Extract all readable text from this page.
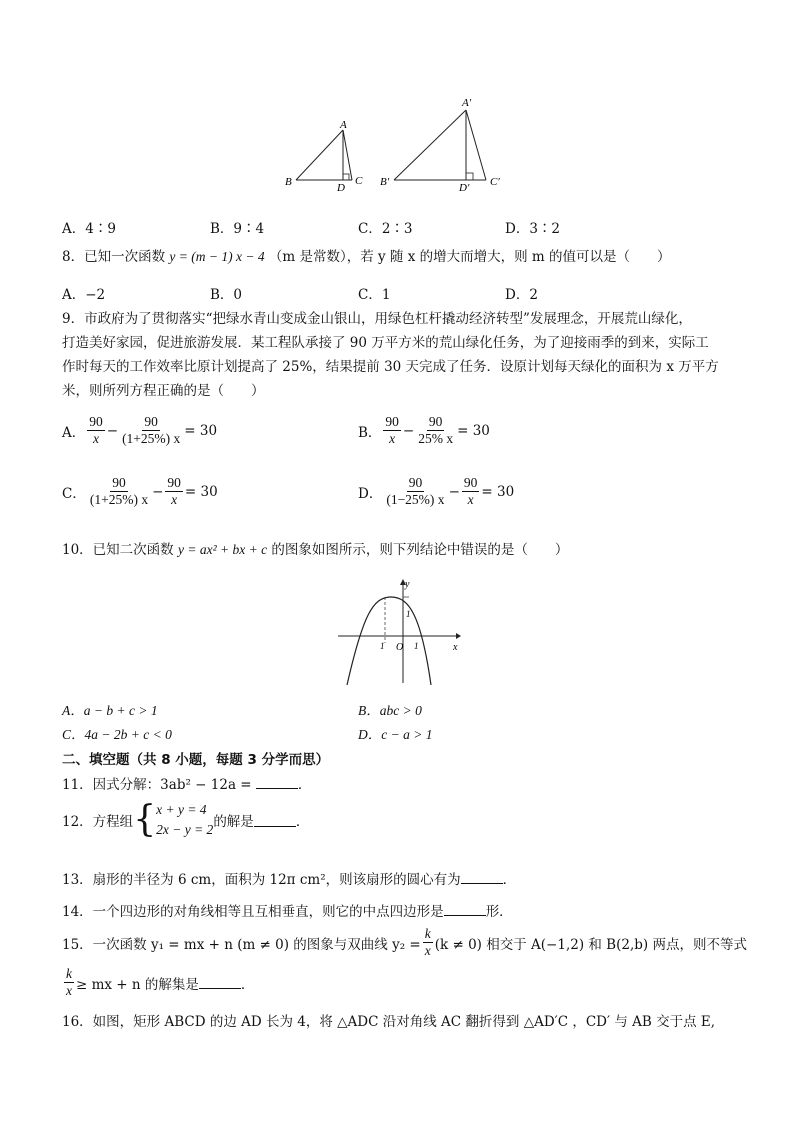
A
B	C
D
A′
B′	C′
D′
A．4∶9	B．9∶4	C．2∶3	D．3∶2
8．已知一次函数 y = (m − 1) x − 4 （m 是常数），若 y 随 x 的增大而增大，则 m 的值可以是（　　）
A．−2	B．0	C．1	D．2
9．市政府为了贯彻落实“把绿水青山变成金山银山，用绿色杠杆撬动经济转型”发展理念，开展荒山绿化，
打造美好家园，促进旅游发展．某工程队承接了 90 万平方米的荒山绿化任务，为了迎接雨季的到来，实际工
作时每天的工作效率比原计划提高了 25%，结果提前 30 天完成了任务．设原计划每天绿化的面积为 x 万平方
米，则所列方程正确的是（　　）
A． $\frac{90}{x} - \frac{90}{(1+25\%) x} = 30$	B． $\frac{90}{x} - \frac{90}{25\% x} = 30$
C． $\frac{90}{(1+25\%) x} - \frac{90}{x} = 30$	D． $\frac{90}{(1-25\%) x} - \frac{90}{x} = 30$
10．已知二次函数 y = ax² + bx + c 的图象如图所示，则下列结论中错误的是（　　）
y
x
O
1	1
1
A．a − b + c > 1	B．abc > 0
C．4a − 2b + c < 0	D．c − a > 1
二、填空题（共 8 小题，每题 3 分学而思）
11．因式分解：3ab² − 12a =	．
12．方程组 { x + y = 4
2x − y = 2 的解是	．
13．扇形的半径为 6 cm，面积为 12π cm²，则该扇形的圆心有为	．
14．一个四边形的对角线相等且互相垂直，则它的中点四边形是	形．
15．一次函数 y₁ = mx + n (m ≠ 0) 的图象与双曲线 $y_2 = \frac{k}{x} (k \ne 0)$ 相交于 A(−1,2) 和 B(2,b) 两点，则不等式
$\frac{k}{x}$ ≥ mx + n 的解集是	．
16．如图，矩形 ABCD 的边 AD 长为 4，将 △ADC 沿对角线 AC 翻折得到 △AD′C ，CD′ 与 AB 交于点 E,
